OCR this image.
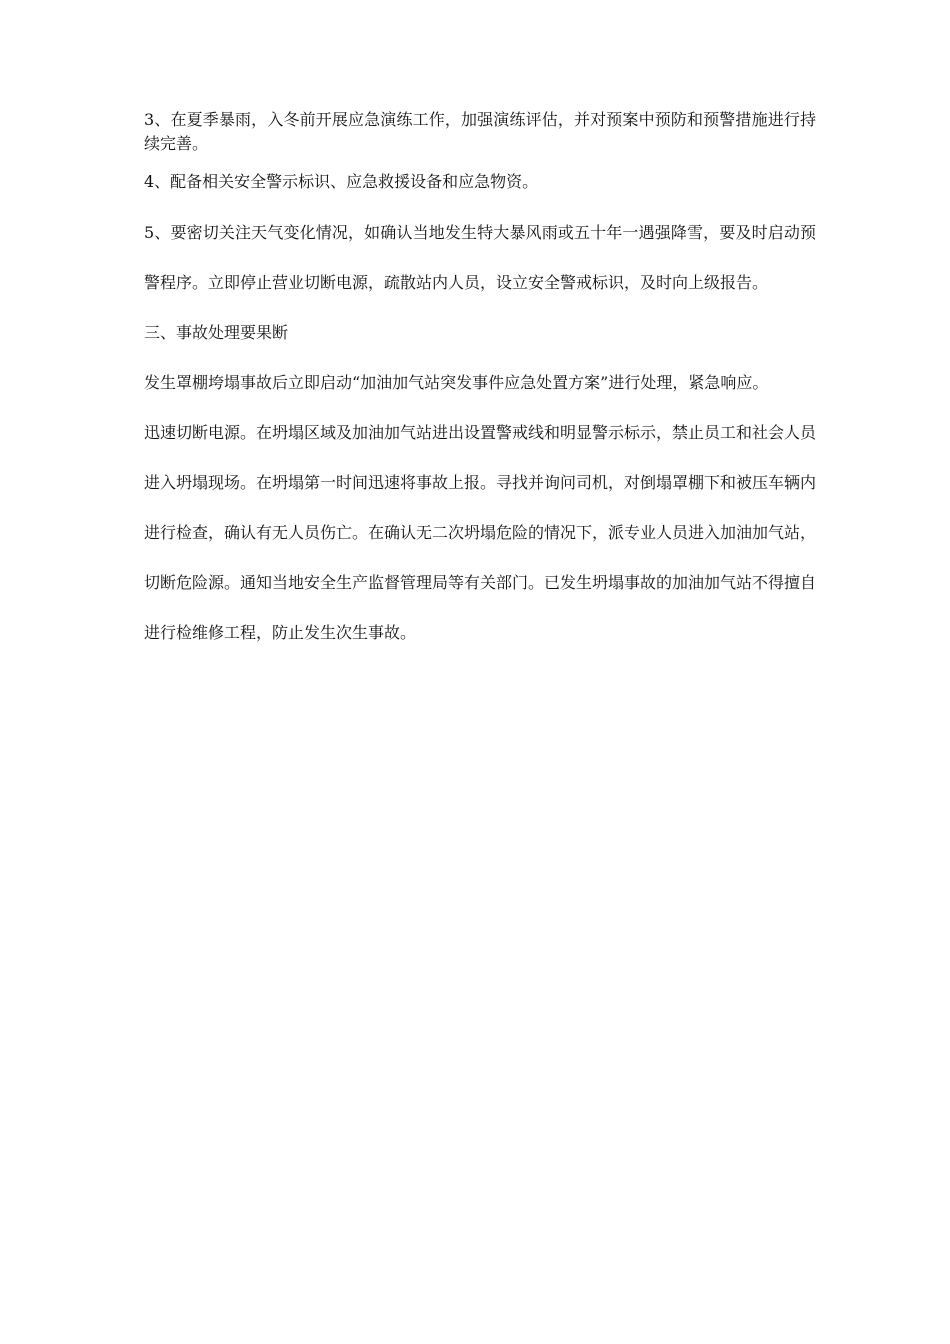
3、在夏季暴雨，入冬前开展应急演练工作，加强演练评估，并对预案中预防和预警措施进行持续完善。

4、配备相关安全警示标识、应急救援设备和应急物资。

5、要密切关注天气变化情况，如确认当地发生特大暴风雨或五十年一遇强降雪，要及时启动预警程序。立即停止营业切断电源，疏散站内人员，设立安全警戒标识，及时向上级报告。

三、事故处理要果断

发生罩棚垮塌事故后立即启动“加油加气站突发事件应急处置方案”进行处理，紧急响应。

迅速切断电源。在坍塌区域及加油加气站进出设置警戒线和明显警示标示，禁止员工和社会人员进入坍塌现场。在坍塌第一时间迅速将事故上报。寻找并询问司机，对倒塌罩棚下和被压车辆内进行检查，确认有无人员伤亡。在确认无二次坍塌危险的情况下，派专业人员进入加油加气站，切断危险源。通知当地安全生产监督管理局等有关部门。已发生坍塌事故的加油加气站不得擅自进行检维修工程，防止发生次生事故。
